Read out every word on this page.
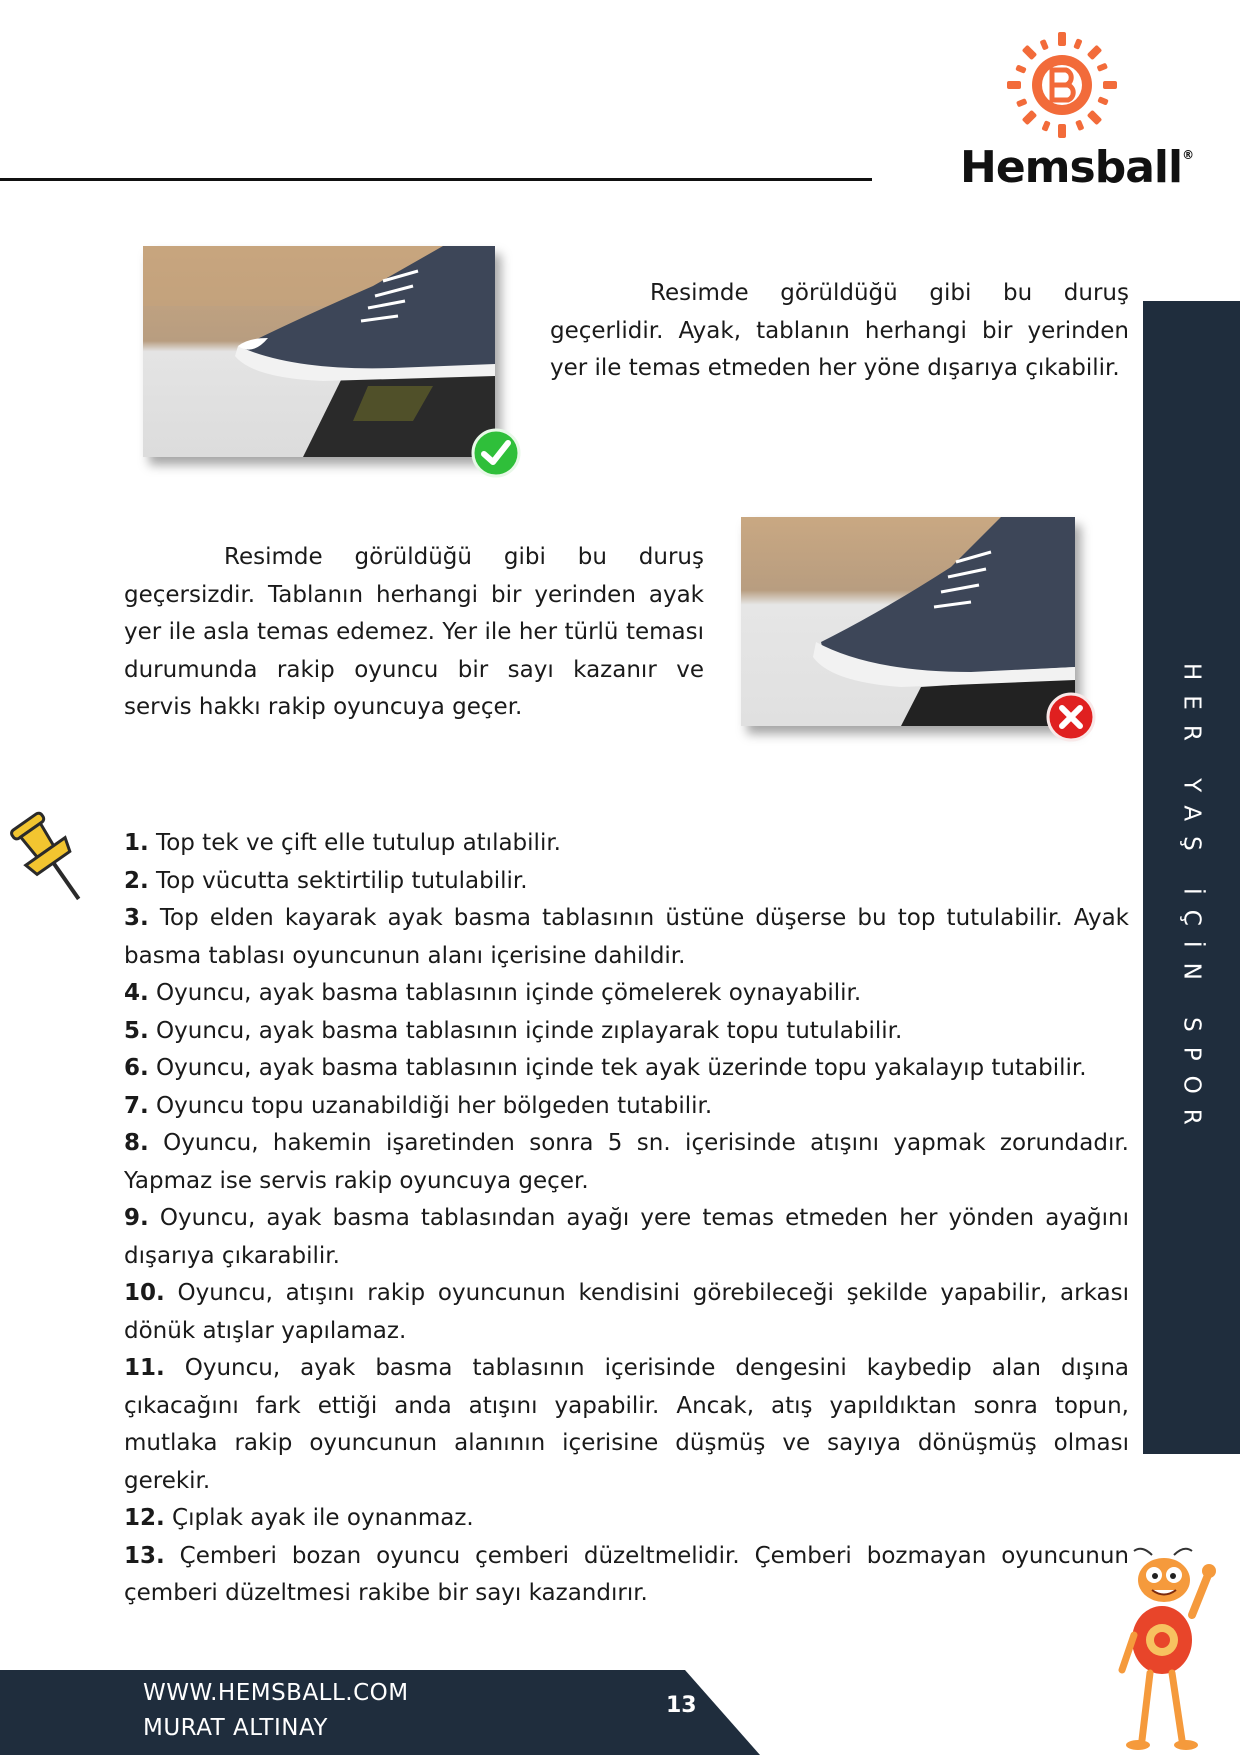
Hemsball®
HER YAŞ İÇİN SPOR

Resimde görüldüğü gibi bu duruş geçerlidir. Ayak, tablanın herhangi bir yerinden yer ile temas etmeden her yöne dışarıya çıkabilir.

Resimde görüldüğü gibi bu duruş geçersizdir. Tablanın herhangi bir yerinden ayak yer ile asla temas edemez. Yer ile her türlü teması durumunda rakip oyuncu bir sayı kazanır ve servis hakkı rakip oyuncuya geçer.

1. Top tek ve çift elle tutulup atılabilir.
2. Top vücutta sektirtilip tutulabilir.
3. Top elden kayarak ayak basma tablasının üstüne düşerse bu top tutulabilir. Ayak basma tablası oyuncunun alanı içerisine dahildir.
4. Oyuncu, ayak basma tablasının içinde çömelerek oynayabilir.
5. Oyuncu, ayak basma tablasının içinde zıplayarak topu tutulabilir.
6. Oyuncu, ayak basma tablasının içinde tek ayak üzerinde topu yakalayıp tutabilir.
7. Oyuncu topu uzanabildiği her bölgeden tutabilir.
8. Oyuncu, hakemin işaretinden sonra 5 sn. içerisinde atışını yapmak zorundadır. Yapmaz ise servis rakip oyuncuya geçer.
9. Oyuncu, ayak basma tablasından ayağı yere temas etmeden her yönden ayağını dışarıya çıkarabilir.
10. Oyuncu, atışını rakip oyuncunun kendisini görebileceği şekilde yapabilir, arkası dönük atışlar yapılamaz.
11. Oyuncu, ayak basma tablasının içerisinde dengesini kaybedip alan dışına çıkacağını fark ettiği anda atışını yapabilir. Ancak, atış yapıldıktan sonra topun, mutlaka rakip oyuncunun alanının içerisine düşmüş ve sayıya dönüşmüş olması gerekir.
12. Çıplak ayak ile oynanmaz.
13. Çemberi bozan oyuncu çemberi düzeltmelidir. Çemberi bozmayan oyuncunun çemberi düzeltmesi rakibe bir sayı kazandırır.
WWW.HEMSBALL.COM
MURAT ALTINAY
13
